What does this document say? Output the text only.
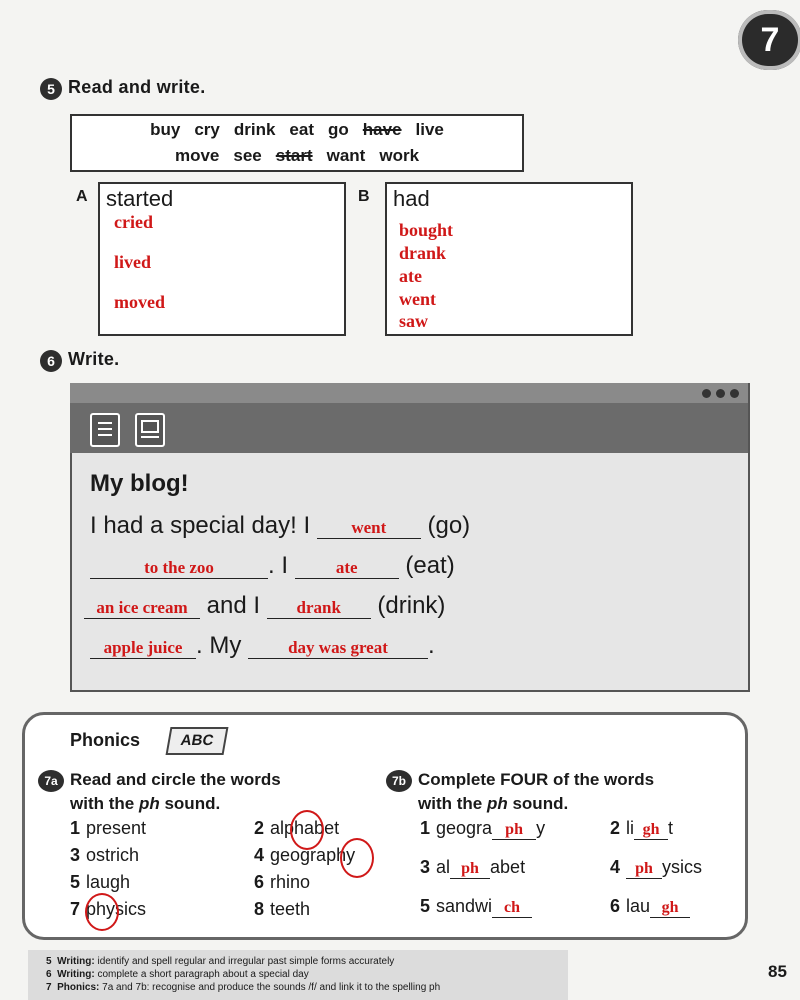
7
5 Read and write.
buy cry drink eat go have live
move see start want work
A started
cried
lived
moved
B had
bought
drank
ate
went
saw
6 Write.
My blog!
I had a special day! I went (go)
to the zoo . I	ate (eat)
an ice cream and I drank (drink)
apple juice . My	day was great .
Phonics	ABC
7a Read and circle the words
with the ph sound.
7b Complete FOUR of the words
with the ph sound.
1 present	2 alphabet
3 ostrich	4 geography
5 laugh	6 rhino
7 physics	8 teeth
1 geogra ph y	2 li gh t
3 al ph abet	4 ph ysics
5 sandwi ch	6 lau gh
5 Writing: identify and spell regular and irregular past simple forms accurately
6 Writing: complete a short paragraph about a special day
7 Phonics: 7a and 7b: recognise and produce the sounds /f/ and link it to the spelling ph
85
